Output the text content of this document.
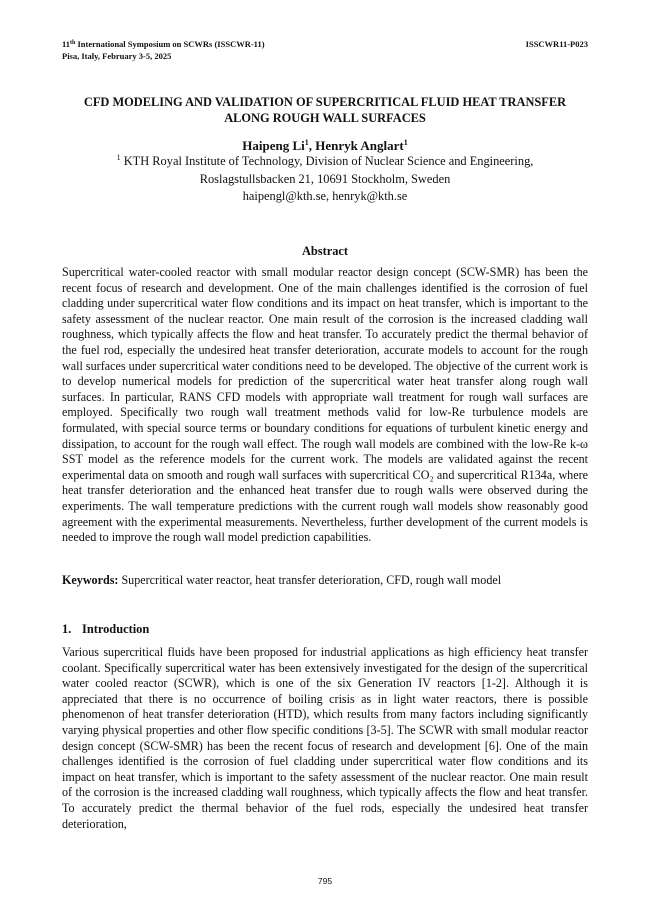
11th International Symposium on SCWRs (ISSCWR-11)
Pisa, Italy, February 3-5, 2025
ISSCWR11-P023
CFD MODELING AND VALIDATION OF SUPERCRITICAL FLUID HEAT TRANSFER
ALONG ROUGH WALL SURFACES
Haipeng Li$^1$, Henryk Anglart$^1$
$^1$ KTH Royal Institute of Technology, Division of Nuclear Science and Engineering,
Roslagstullsbacken 21, 10691 Stockholm, Sweden
haipengl@kth.se, henryk@kth.se
Abstract
Supercritical water-cooled reactor with small modular reactor design concept (SCW-SMR) has been the recent focus of research and development. One of the main challenges identified is the corrosion of fuel cladding under supercritical water flow conditions and its impact on heat transfer, which is important to the safety assessment of the nuclear reactor. One main result of the corrosion is the increased cladding wall roughness, which typically affects the flow and heat transfer. To accurately predict the thermal behavior of the fuel rod, especially the undesired heat transfer deterioration, accurate models to account for the rough wall surfaces under supercritical water conditions need to be developed. The objective of the current work is to develop numerical models for prediction of the supercritical water heat transfer along rough wall surfaces. In particular, RANS CFD models with appropriate wall treatment for rough wall surfaces are employed. Specifically two rough wall treatment methods valid for low-Re turbulence models are formulated, with special source terms or boundary conditions for equations of turbulent kinetic energy and dissipation, to account for the rough wall effect. The rough wall models are combined with the low-Re k-ω SST model as the reference models for the current work. The models are validated against the recent experimental data on smooth and rough wall surfaces with supercritical CO₂ and supercritical R134a, where heat transfer deterioration and the enhanced heat transfer due to rough walls were observed during the experiments. The wall temperature predictions with the current rough wall models show reasonably good agreement with the experimental measurements. Nevertheless, further development of the current models is needed to improve the rough wall model prediction capabilities.
Keywords: Supercritical water reactor, heat transfer deterioration, CFD, rough wall model
1. Introduction
Various supercritical fluids have been proposed for industrial applications as high efficiency heat transfer coolant. Specifically supercritical water has been extensively investigated for the design of the supercritical water cooled reactor (SCWR), which is one of the six Generation IV reactors [1-2]. Although it is appreciated that there is no occurrence of boiling crisis as in light water reactors, there is possible phenomenon of heat transfer deterioration (HTD), which results from many factors including significantly varying physical properties and other flow specific conditions [3-5]. The SCWR with small modular reactor design concept (SCW-SMR) has been the recent focus of research and development [6]. One of the main challenges identified is the corrosion of fuel cladding under supercritical water flow conditions and its impact on heat transfer, which is important to the safety assessment of the nuclear reactor. One main result of the corrosion is the increased cladding wall roughness, which typically affects the flow and heat transfer. To accurately predict the thermal behavior of the fuel rods, especially the undesired heat transfer deterioration,
795
